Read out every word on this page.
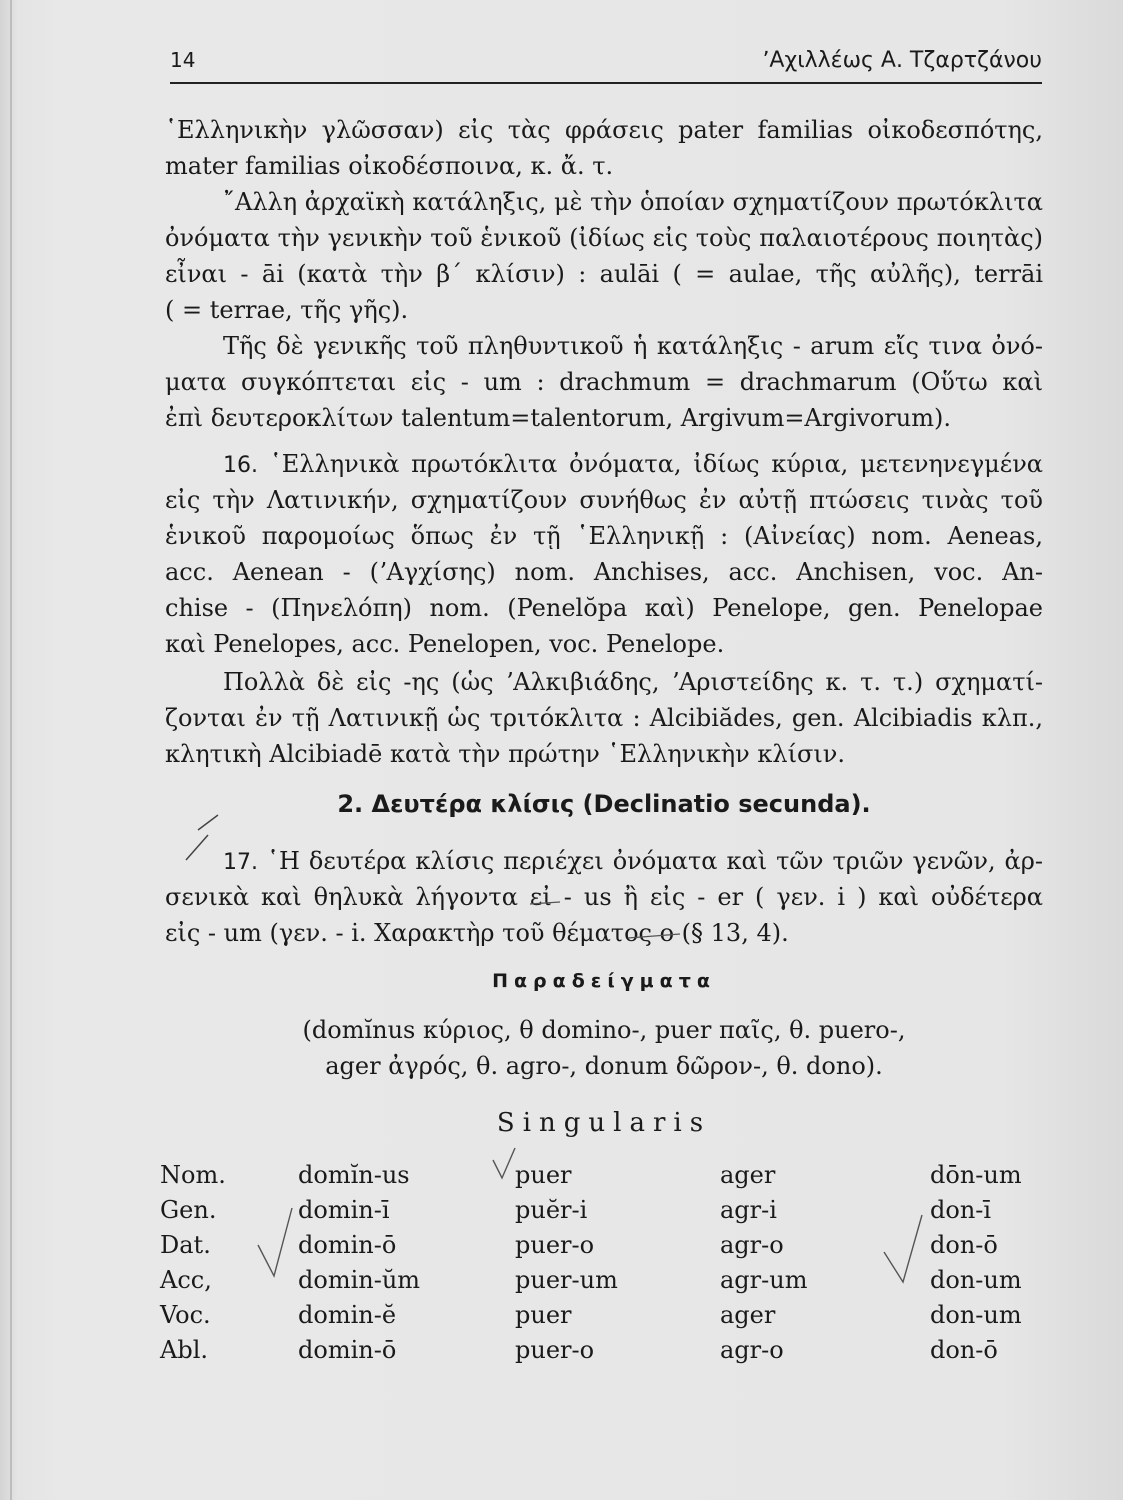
14	ʼΑχιλλέως Α. Τζαρτζάνου
῾Ελληνικὴν γλῶσσαν) εἰς τὰς φράσεις pater familias οἰκοδεσπότης,
mater familias οἰκοδέσποινα, κ. ἄ. τ.
῎Αλλη ἀρχαϊκὴ κατάληξις, μὲ τὴν ὁποίαν σχηματίζουν πρωτόκλιτα
ὀνόματα τὴν γενικὴν τοῦ ἑνικοῦ (ἰδίως εἰς τοὺς παλαιοτέρους ποιητὰς)
εἶναι - āi (κατὰ τὴν β΄ κλίσιν) : aulāi ( = aulae, τῆς αὐλῆς), terrāi
( = terrae, τῆς γῆς).
Τῆς δὲ γενικῆς τοῦ πληθυντικοῦ ἡ κατάληξις - arum εἴς τινα ὀνό-
ματα συγκόπτεται εἰς - um : drachmum = drachmarum (Οὕτω καὶ
ἐπὶ δευτεροκλίτων talentum=talentorum, Argivum=Argivorum).
16. ῾Ελληνικὰ πρωτόκλιτα ὀνόματα, ἰδίως κύρια, μετενηνεγμένα
εἰς τὴν Λατινικήν, σχηματίζουν συνήθως ἐν αὐτῇ πτώσεις τινὰς τοῦ
ἑνικοῦ παρομοίως ὅπως ἐν τῇ ῾Ελληνικῇ : (Αἰνείας) nom. Aeneas,
acc. Aenean - (ʼΑγχίσης) nom. Anchises, acc. Anchisen, voc. An-
chise - (Πηνελόπη) nom. (Penelŏpa καὶ) Penelope, gen. Penelopae
καὶ Penelopes, acc. Penelopen, voc. Penelope.
Πολλὰ δὲ εἰς -ης (ὡς ʼΑλκιβιάδης, ʼΑριστείδης κ. τ. τ.) σχηματί-
ζονται ἐν τῇ Λατινικῇ ὡς τριτόκλιτα : Alcibiădes, gen. Alcibiadis κλπ.,
κλητικὴ Alcibiadē κατὰ τὴν πρώτην ῾Ελληνικὴν κλίσιν.
2. Δευτέρα κλίσις (Declinatio secunda).
17. ῾Η δευτέρα κλίσις περιέχει ὀνόματα καὶ τῶν τριῶν γενῶν, ἀρ-
σενικὰ καὶ θηλυκὰ λήγοντα εἰ - us ἢ εἰς - er ( γεν. i ) καὶ οὐδέτερα
εἰς - um (γεν. - i. Χαρακτὴρ τοῦ θέματος o (§ 13, 4).
Παραδείγματα
(domĭnus κύριος, θ domino-, puer παῖς, θ. puero-,
ager ἀγρός, θ. agro-, donum δῶρον-, θ. dono).
Singularis
Nom.	domĭn-us	puer	ager	dōn-um
Gen.	domin-ī	puĕr-i	agr-i	don-ī
Dat.	domin-ō	puer-o	agr-o	don-ō
Acc,	domin-ŭm	puer-um	agr-um	don-um
Voc.	domin-ĕ	puer	ager	don-um
Abl.	domin-ō	puer-o	agr-o	don-ō
